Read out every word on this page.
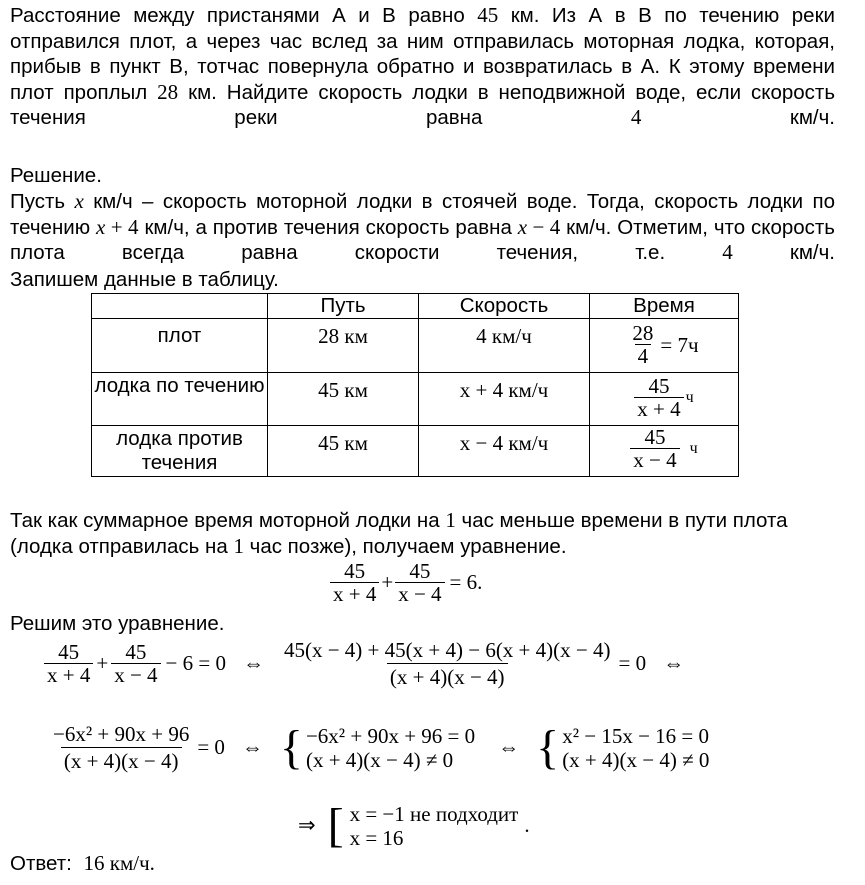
Расстояние между пристанями А и В равно 45 км. Из А в В по течению реки отправился плот, а через час вслед за ним отправилась моторная лодка, которая, прибыв в пункт В, тотчас повернула обратно и возвратилась в А. К этому времени плот проплыл 28 км. Найдите скорость лодки в неподвижной воде, если скорость течения реки равна 4 км/ч.

Решение.

Пусть x км/ч – скорость моторной лодки в стоячей воде. Тогда, скорость лодки по течению x + 4 км/ч, а против течения скорость равна x − 4 км/ч. Отметим, что скорость плота всегда равна скорости течения, т.е. 4 км/ч.

Запишем данные в таблицу.

	Путь	Скорость	Время

плот	28 км	4 км/ч	$\frac{28}{4} = 7ч$

лодка по течению	45 км	x + 4 км/ч	$\frac{45}{x + 4}$ ч

лодка против течения	45 км	x − 4 км/ч	$\frac{45}{x - 4}$ ч

Так как суммарное время моторной лодки на 1 час меньше времени в пути плота (лодка отправилась на 1 час позже), получаем уравнение.

$\frac{45}{x + 4} + \frac{45}{x - 4} = 6$.

Решим это уравнение.

$\frac{45}{x + 4} + \frac{45}{x - 4} - 6 = 0$ ⇔ $\frac{45(x - 4) + 45(x + 4) - 6(x + 4)(x - 4)}{(x + 4)(x - 4)} = 0$ ⇔
$\frac{\text{−6x² + 90x + 96}}{(x + 4)(x - 4)} = 0$ ⇔ { −6x² + 90x + 96 = 0
(x + 4)(x − 4) ≠ 0
⇔ { x² − 15x − 16 = 0
(x + 4)(x − 4) ≠ 0
⇒ [ x = −1 не подходит
x = 16
.
Ответ: 16 км/ч.
